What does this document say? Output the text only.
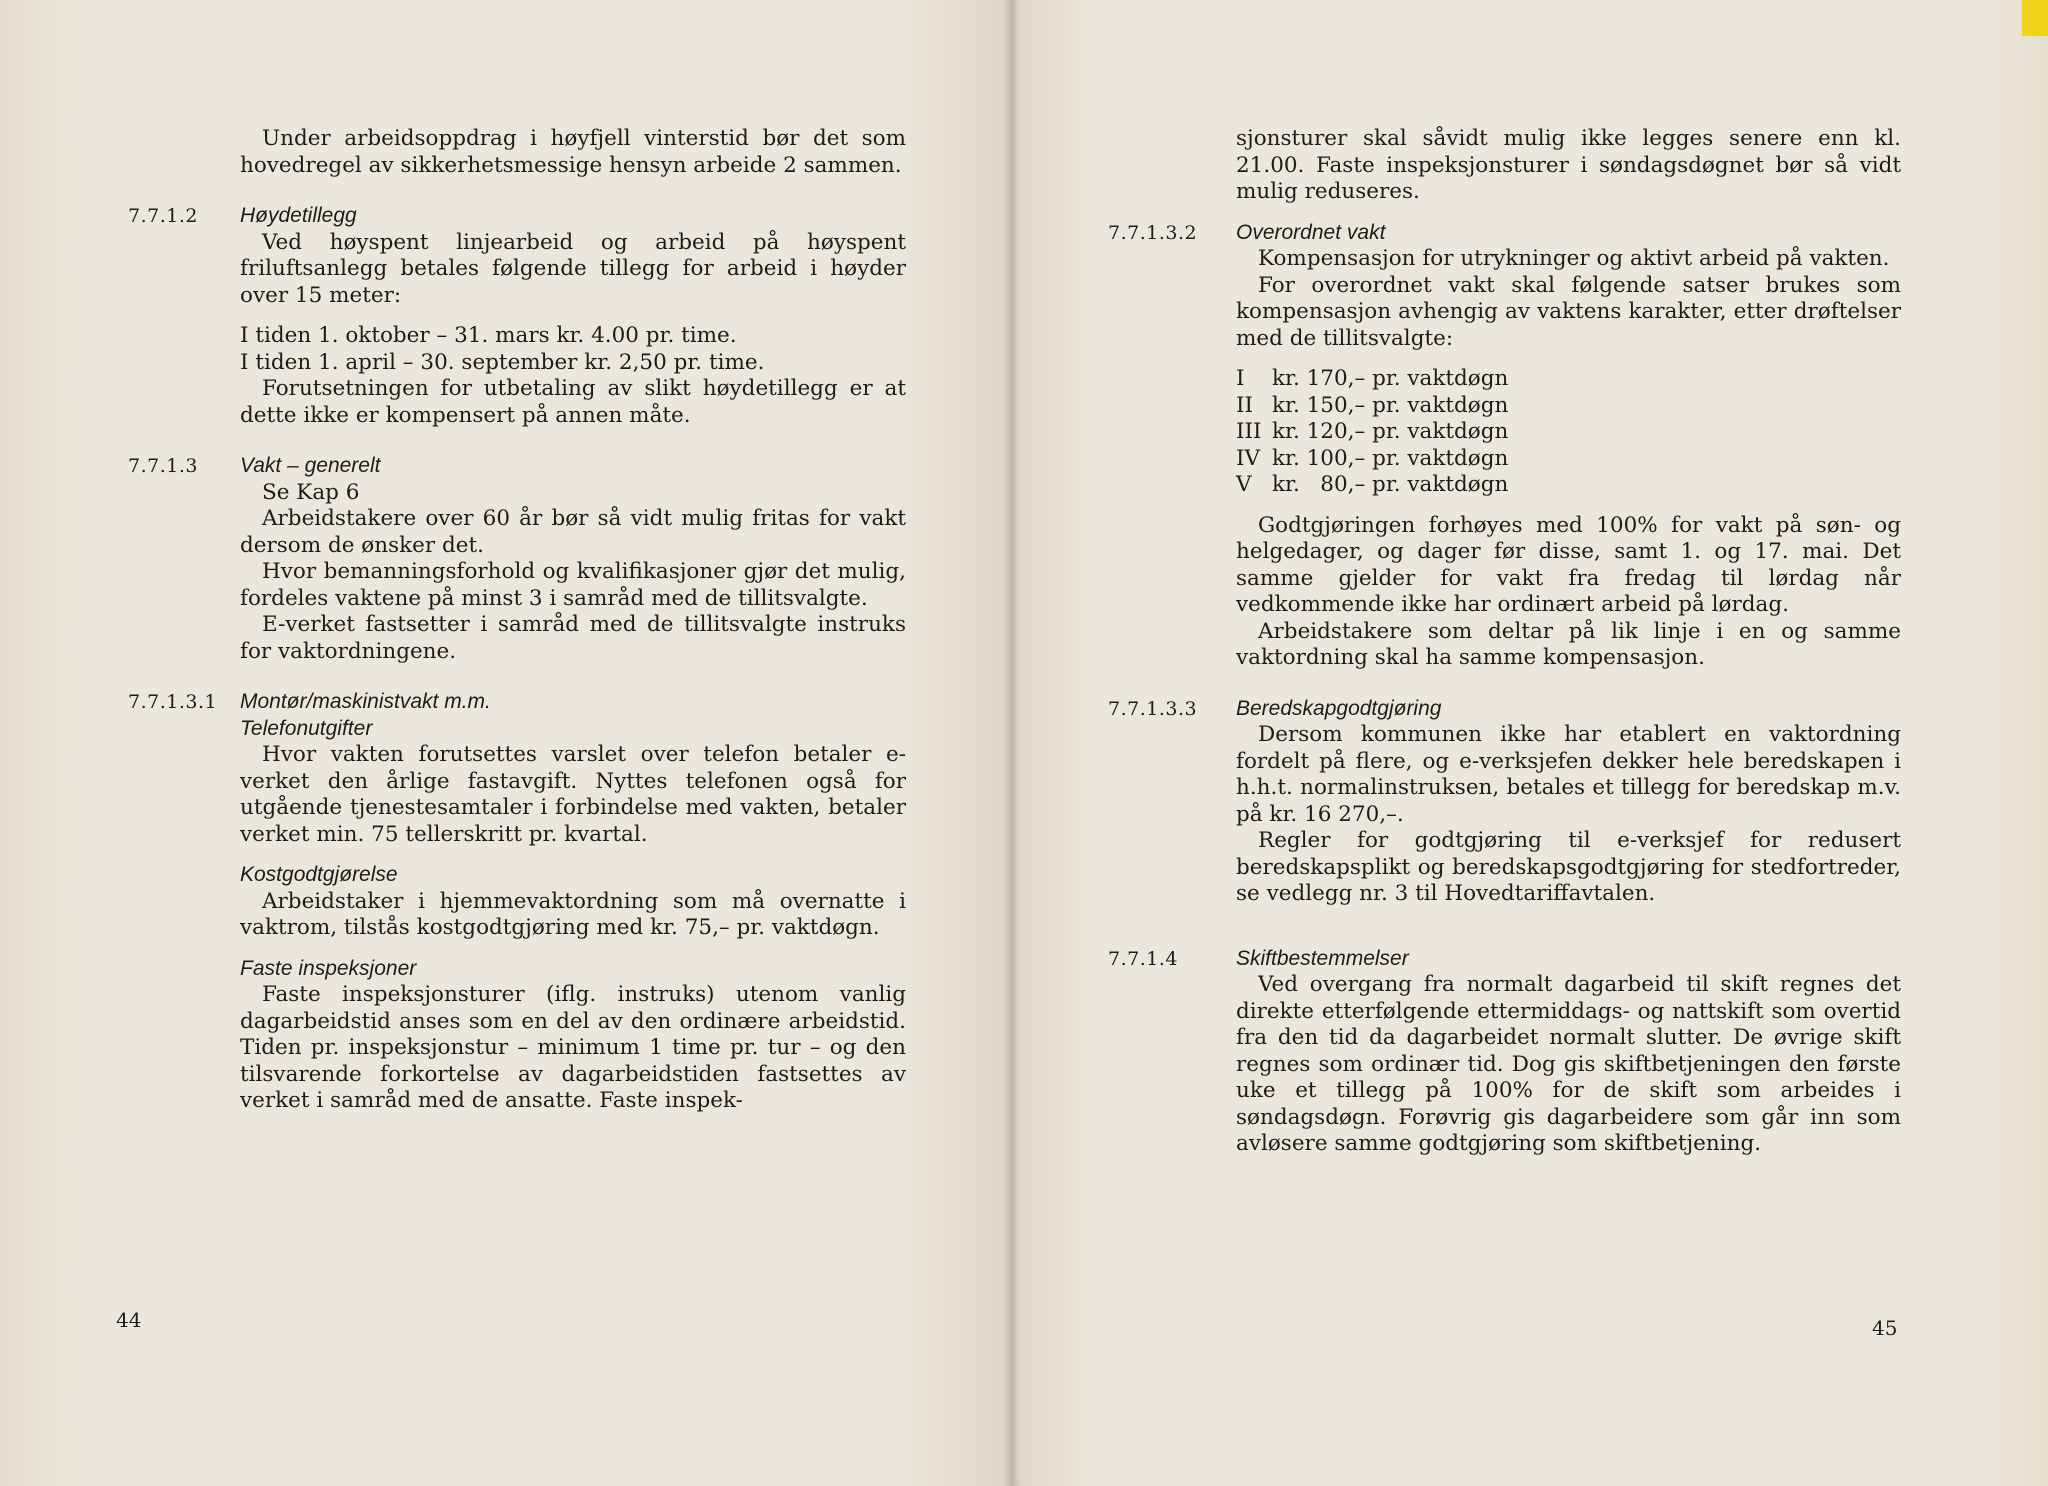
Under arbeidsoppdrag i høyfjell vinterstid bør det som hovedregel av sikkerhetsmessige hensyn arbeide 2 sammen.
7.7.1.2	Høydetillegg
Ved høyspent linjearbeid og arbeid på høyspent friluftsanlegg betales følgende tillegg for arbeid i høyder over 15 meter:
I tiden 1. oktober – 31. mars kr. 4.00 pr. time.
I tiden 1. april – 30. september kr. 2,50 pr. time.
Forutsetningen for utbetaling av slikt høydetillegg er at dette ikke er kompensert på annen måte.
7.7.1.3	Vakt – generelt
Se Kap 6
Arbeidstakere over 60 år bør så vidt mulig fritas for vakt dersom de ønsker det.
Hvor bemanningsforhold og kvalifikasjoner gjør det mulig, fordeles vaktene på minst 3 i samråd med de tillitsvalgte.
E-verket fastsetter i samråd med de tillitsvalgte instruks for vaktordningene.
7.7.1.3.1	Montør/maskinistvakt m.m.
Telefonutgifter
Hvor vakten forutsettes varslet over telefon betaler e-verket den årlige fastavgift. Nyttes telefonen også for utgående tjenestesamtaler i forbindelse med vakten, betaler verket min. 75 tellerskritt pr. kvartal.
Kostgodtgjørelse
Arbeidstaker i hjemmevaktordning som må overnatte i vaktrom, tilstås kostgodtgjøring med kr. 75,– pr. vaktdøgn.
Faste inspeksjoner
Faste inspeksjonsturer (iflg. instruks) utenom vanlig dagarbeidstid anses som en del av den ordinære arbeidstid. Tiden pr. inspeksjonstur – minimum 1 time pr. tur – og den tilsvarende forkortelse av dagarbeidstiden fastsettes av verket i samråd med de ansatte. Faste inspek-
44
sjonsturer skal såvidt mulig ikke legges senere enn kl. 21.00. Faste inspeksjonsturer i søndagsdøgnet bør så vidt mulig reduseres.
7.7.1.3.2	Overordnet vakt
Kompensasjon for utrykninger og aktivt arbeid på vakten.
For overordnet vakt skal følgende satser brukes som kompensasjon avhengig av vaktens karakter, etter drøftelser med de tillitsvalgte:
I	kr. 170,– pr. vaktdøgn
II kr. 150,– pr. vaktdøgn
III kr. 120,– pr. vaktdøgn
IV kr. 100,– pr. vaktdøgn
V kr.   80,– pr. vaktdøgn
Godtgjøringen forhøyes med 100% for vakt på søn- og helgedager, og dager før disse, samt 1. og 17. mai. Det samme gjelder for vakt fra fredag til lørdag når vedkommende ikke har ordinært arbeid på lørdag.
Arbeidstakere som deltar på lik linje i en og samme vaktordning skal ha samme kompensasjon.
7.7.1.3.3	Beredskapgodtgjøring
Dersom kommunen ikke har etablert en vaktordning fordelt på flere, og e-verksjefen dekker hele beredskapen i h.h.t. normalinstruksen, betales et tillegg for beredskap m.v. på kr. 16 270,–.
Regler for godtgjøring til e-verksjef for redusert beredskapsplikt og beredskapsgodtgjøring for stedfortreder, se vedlegg nr. 3 til Hovedtariffavtalen.
7.7.1.4	Skiftbestemmelser
Ved overgang fra normalt dagarbeid til skift regnes det direkte etterfølgende ettermiddags- og nattskift som overtid fra den tid da dagarbeidet normalt slutter. De øvrige skift regnes som ordinær tid. Dog gis skiftbetjeningen den første uke et tillegg på 100% for de skift som arbeides i søndagsdøgn. Forøvrig gis dagarbeidere som går inn som avløsere samme godtgjøring som skiftbetjening.
45
